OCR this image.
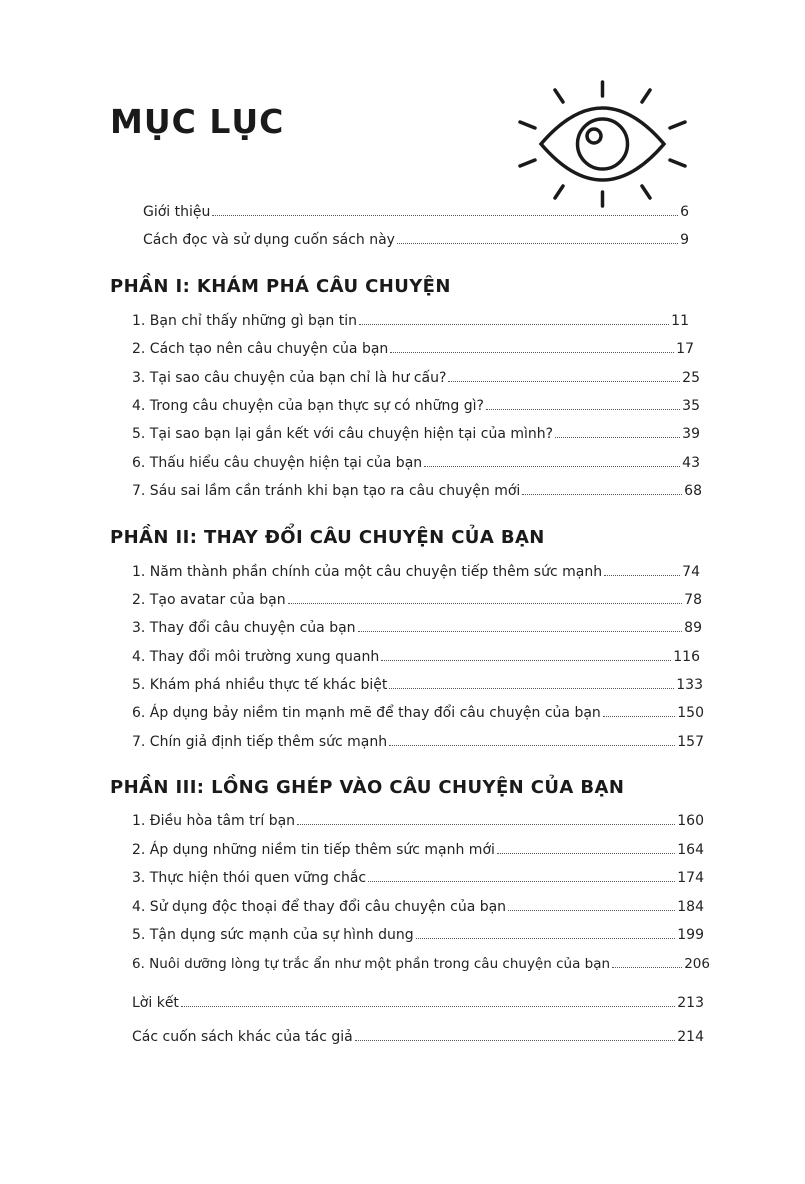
MỤC LỤC
Giới thiệu	6
Cách đọc và sử dụng cuốn sách này	9
PHẦN I: KHÁM PHÁ CÂU CHUYỆN
1. Bạn chỉ thấy những gì bạn tin	11
2. Cách tạo nên câu chuyện của bạn	17
3. Tại sao câu chuyện của bạn chỉ là hư cấu?	25
4. Trong câu chuyện của bạn thực sự có những gì?	35
5. Tại sao bạn lại gắn kết với câu chuyện hiện tại của mình?	39
6. Thấu hiểu câu chuyện hiện tại của bạn	43
7. Sáu sai lầm cần tránh khi bạn tạo ra câu chuyện mới	68
PHẦN II: THAY ĐỔI CÂU CHUYỆN CỦA BẠN
1. Năm thành phần chính của một câu chuyện tiếp thêm sức mạnh	74
2. Tạo avatar của bạn	78
3. Thay đổi câu chuyện của bạn	89
4. Thay đổi môi trường xung quanh	116
5. Khám phá nhiều thực tế khác biệt	133
6. Áp dụng bảy niềm tin mạnh mẽ để thay đổi câu chuyện của bạn	150
7. Chín giả định tiếp thêm sức mạnh	157
PHẦN III: LỒNG GHÉP VÀO CÂU CHUYỆN CỦA BẠN
1. Điều hòa tâm trí bạn	160
2. Áp dụng những niềm tin tiếp thêm sức mạnh mới	164
3. Thực hiện thói quen vững chắc	174
4. Sử dụng độc thoại để thay đổi câu chuyện của bạn	184
5. Tận dụng sức mạnh của sự hình dung	199
6. Nuôi dưỡng lòng tự trắc ẩn như một phần trong câu chuyện của bạn	206
Lời kết	213
Các cuốn sách khác của tác giả	214
